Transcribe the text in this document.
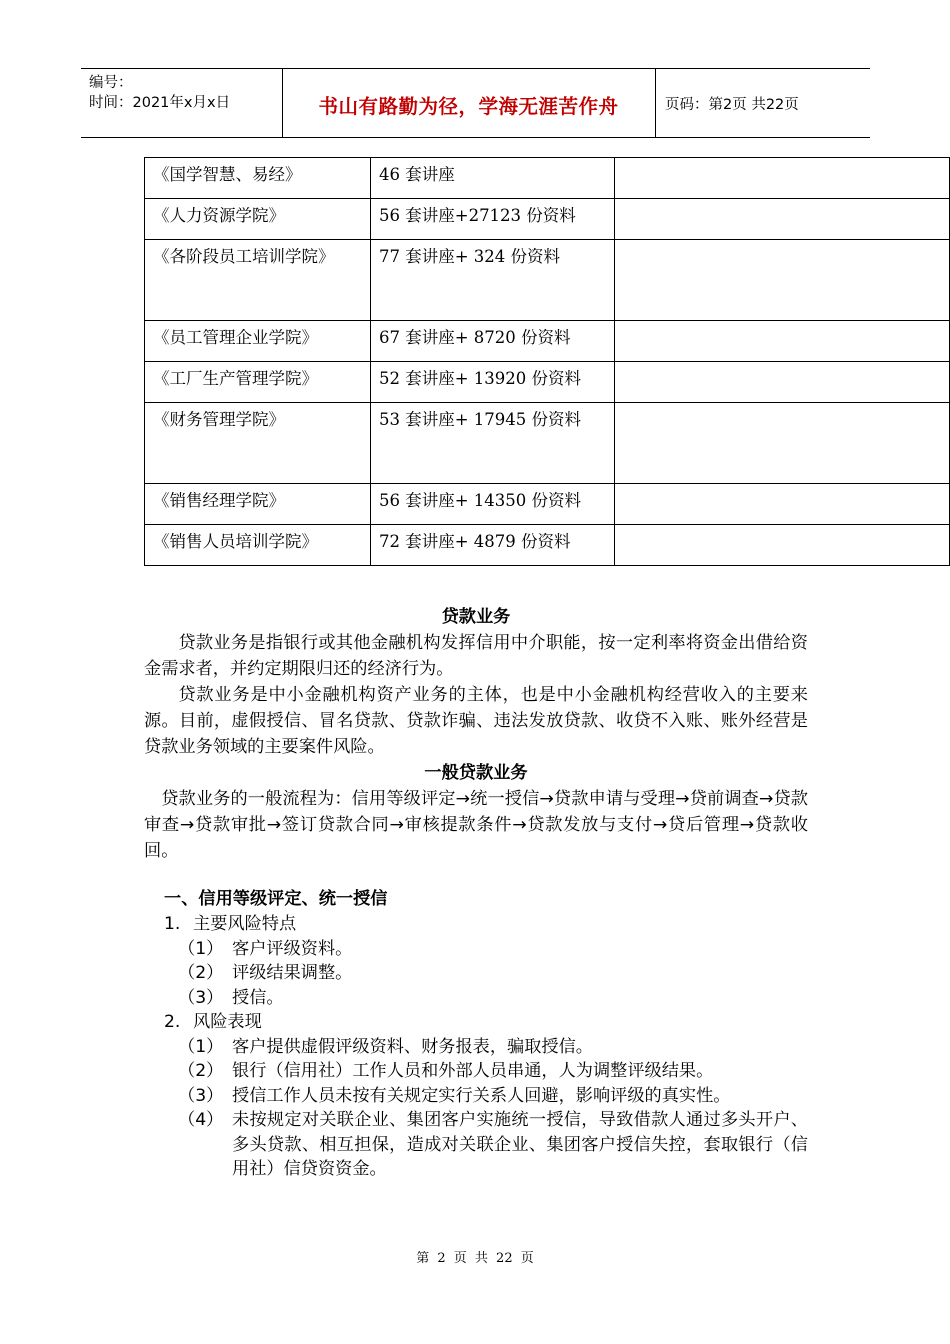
编号：
时间：2021年x月x日	书山有路勤为径，学海无涯苦作舟	页码：第2页 共22页
《国学智慧、易经》	46 套讲座	

《人力资源学院》	56 套讲座+27123 份资料	

《各阶段员工培训学院》	77 套讲座+ 324 份资料	

《员工管理企业学院》	67 套讲座+ 8720 份资料	

《工厂生产管理学院》	52 套讲座+ 13920 份资料	

《财务管理学院》	53 套讲座+ 17945 份资料	

《销售经理学院》	56 套讲座+ 14350 份资料	

《销售人员培训学院》	72 套讲座+ 4879 份资料	

贷款业务

贷款业务是指银行或其他金融机构发挥信用中介职能，按一定利率将资金出借给资金需求者，并约定期限归还的经济行为。

贷款业务是中小金融机构资产业务的主体，也是中小金融机构经营收入的主要来源。目前，虚假授信、冒名贷款、贷款诈骗、违法发放贷款、收贷不入账、账外经营是贷款业务领域的主要案件风险。

一般贷款业务

贷款业务的一般流程为：信用等级评定→统一授信→贷款申请与受理→贷前调查→贷款审查→贷款审批→签订贷款合同→审核提款条件→贷款发放与支付→贷后管理→贷款收回。

一、信用等级评定、统一授信
1. 主要风险特点
（1） 客户评级资料。
（2） 评级结果调整。
（3） 授信。
2. 风险表现
（1） 客户提供虚假评级资料、财务报表，骗取授信。
（2） 银行（信用社）工作人员和外部人员串通，人为调整评级结果。
（3） 授信工作人员未按有关规定实行关系人回避，影响评级的真实性。
（4） 未按规定对关联企业、集团客户实施统一授信，导致借款人通过多头开户、多头贷款、相互担保，造成对关联企业、集团客户授信失控，套取银行（信用社）信贷资资金。
第 2 页 共 22 页
